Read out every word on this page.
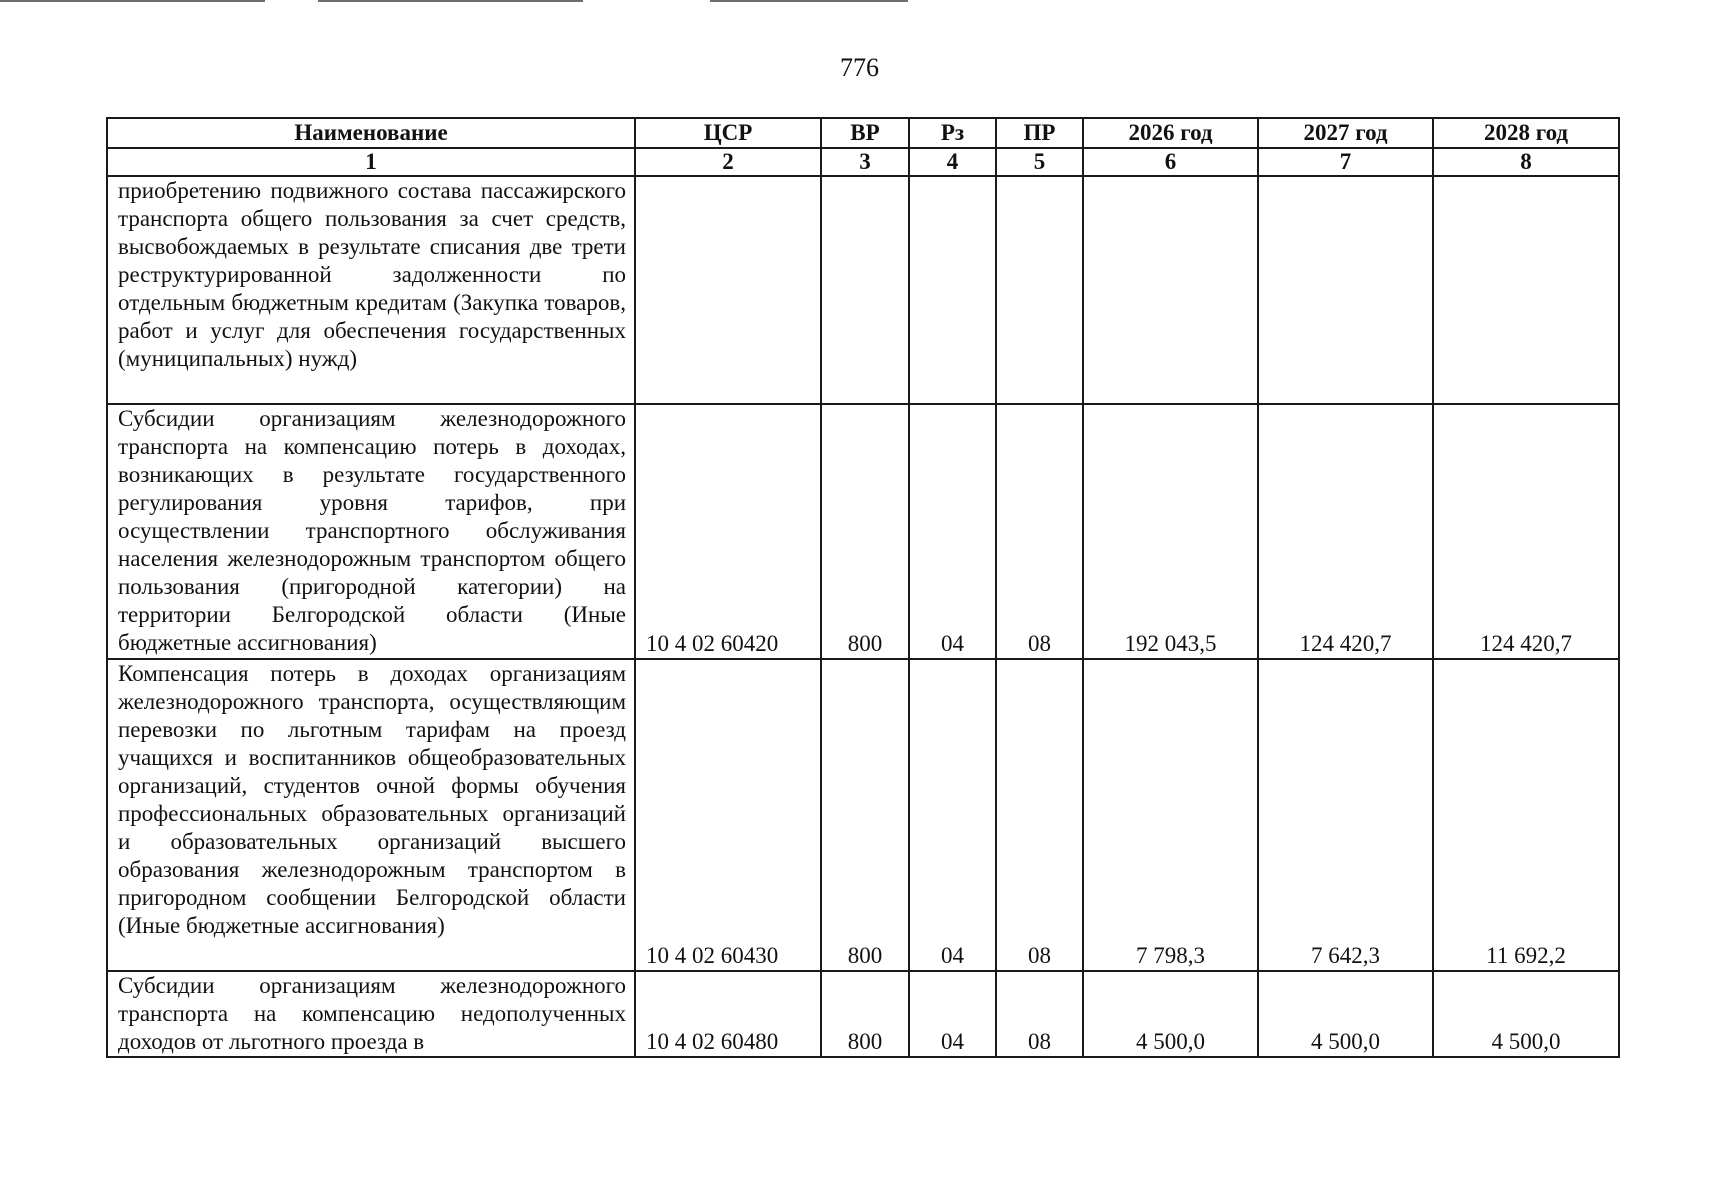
776
Наименование	ЦСР	ВР	Рз	ПР	2026 год	2027 год	2028 год
1	2	3	4	5	6	7	8
приобретению подвижного состава пассажирского транспорта общего пользования за счет средств, высвобождаемых в результате списания две трети реструктурированной задолженности по отдельным бюджетным кредитам (Закупка товаров, работ и услуг для обеспечения государственных (муниципальных) нужд)							
Субсидии организациям железнодорожного транспорта на компенсацию потерь в доходах, возникающих в результате государственного регулирования уровня тарифов, при осуществлении транспортного обслуживания населения железнодорожным транспортом общего пользования (пригородной категории) на территории Белгородской области (Иные бюджетные ассигнования)	10 4 02 60420	800	04	08	192 043,5	124 420,7	124 420,7
Компенсация потерь в доходах организациям железнодорожного транспорта, осуществляющим перевозки по льготным тарифам на проезд учащихся и воспитанников общеобразовательных организаций, студентов очной формы обучения профессиональных образовательных организаций и образовательных организаций высшего образования железнодорожным транспортом в пригородном сообщении Белгородской области (Иные бюджетные ассигнования)	10 4 02 60430	800	04	08	7 798,3	7 642,3	11 692,2
Субсидии организациям железнодорожного транспорта на компенсацию недополученных доходов от льготного проезда в	10 4 02 60480	800	04	08	4 500,0	4 500,0	4 500,0
